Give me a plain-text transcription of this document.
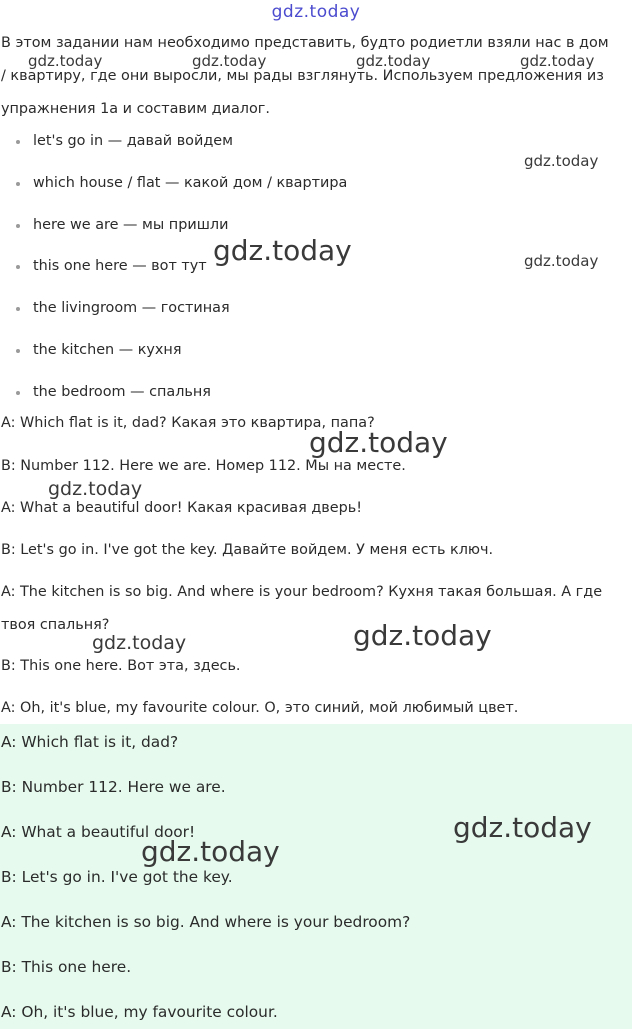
gdz.today
В этом задании нам необходимо представить, будто родиетли взяли нас в дом
/ квартиру, где они выросли, мы рады взглянуть. Используем предложения из
упражнения 1a и составим диалог.
let's go in — давай войдем
which house / flat — какой дом / квартира
here we are — мы пришли
this one here — вот тут
the livingroom — гостиная
the kitchen — кухня
the bedroom — спальня
A: Which flat is it, dad? Какая это квартира, папа?
B: Number 112. Here we are. Номер 112. Мы на месте.
A: What a beautiful door! Какая красивая дверь!
B: Let's go in. I've got the key. Давайте войдем. У меня есть ключ.
A: The kitchen is so big. And where is your bedroom? Кухня такая большая. А где
твоя спальня?
B: This one here. Вот эта, здесь.
A: Oh, it's blue, my favourite colour. О, это синий, мой любимый цвет.
A: Which flat is it, dad?
B: Number 112. Here we are.
A: What a beautiful door!
B: Let's go in. I've got the key.
A: The kitchen is so big. And where is your bedroom?
B: This one here.
A: Oh, it's blue, my favourite colour.
gdz.today	gdz.today	gdz.today	gdz.today
gdz.today
gdz.today
gdz.today
gdz.today
gdz.today
gdz.today
gdz.today
gdz.today
gdz.today
